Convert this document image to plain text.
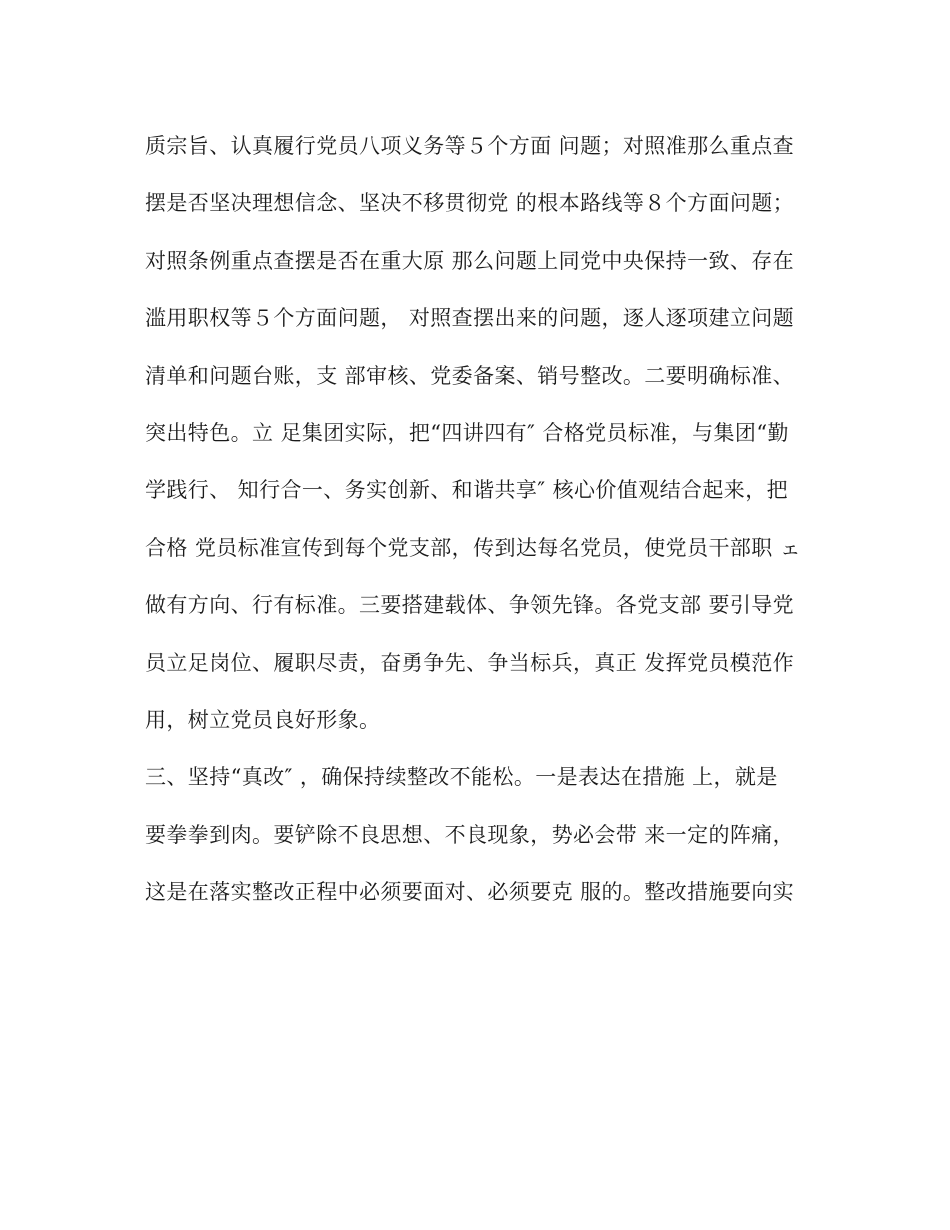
质宗旨、认真履行党员八项义务等５个方面 问题；对照准那么重点查
摆是否坚决理想信念、坚决不移贯彻党 的根本路线等８个方面问题；
对照条例重点查摆是否在重大原 那么问题上同党中央保持一致、存在
滥用职权等５个方面问题， 对照查摆出来的问题，逐人逐项建立问题
清单和问题台账，支 部审核、党委备案、销号整改。二要明确标准、
突出特色。立 足集团实际，把“四讲四有″ 合格党员标准，与集团“勤
学践行、 知行合一、务实创新、和谐共享″ 核心价值观结合起来，把
合格 党员标准宣传到每个党支部，传到达每名党员，使党员干部职 ェ
做有方向、行有标准。三要搭建载体、争领先锋。各党支部 要引导党
员立足岗位、履职尽责，奋勇争先、争当标兵，真正 发挥党员模范作
用，树立党员良好形象。
三、坚持“真改″ ，确保持续整改不能松。一是表达在措施 上，就是
要拳拳到肉。要铲除不良思想、不良现象，势必会带 来一定的阵痛，
这是在落实整改正程中必须要面对、必须要克 服的。整改措施要向实
